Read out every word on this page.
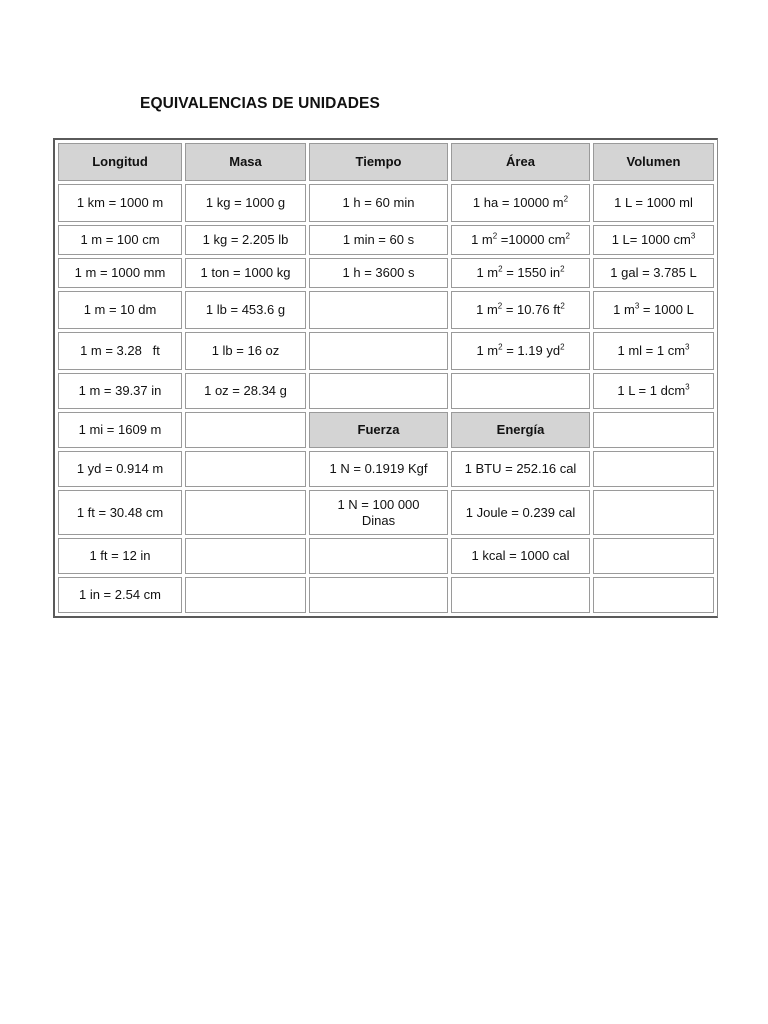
EQUIVALENCIAS DE UNIDADES
Longitud	Masa	Tiempo	Área	Volumen
1 km = 1000 m	1 kg = 1000 g	1 h = 60 min	1 ha = 10000 $m^2$	1 L = 1000 ml
1 m = 100 cm	1 kg = 2.205 lb	1 min = 60 s	1 $m^2 =10000$ $cm^2$	1 L= 1000 $cm^3$
1 m = 1000 mm	1 ton = 1000 kg	1 h = 3600 s	1 $m^2 = 1550$ $in^2$	1 gal = 3.785 L
1 m = 10 dm	1 lb = 453.6 g		1 $m^2 = 10.76$ $ft^2$	1 $m^3 = 1000$ L
1 m = 3.28   ft	1 lb = 16 oz		1 $m^2 = 1.19$ $yd^2$	1 ml = 1 $cm^3$
1 m = 39.37 in	1 oz = 28.34 g			1 L = 1 dcm$^3$
1 mi = 1609 m		Fuerza	Energía	
1 yd = 0.914 m		1 N = 0.1919 Kgf	1 BTU = 252.16 cal	
1 ft = 30.48 cm		1 N = 100 000 Dinas	1 Joule = 0.239 cal	
1 ft = 12 in			1 kcal = 1000 cal	
1 in = 2.54 cm				
